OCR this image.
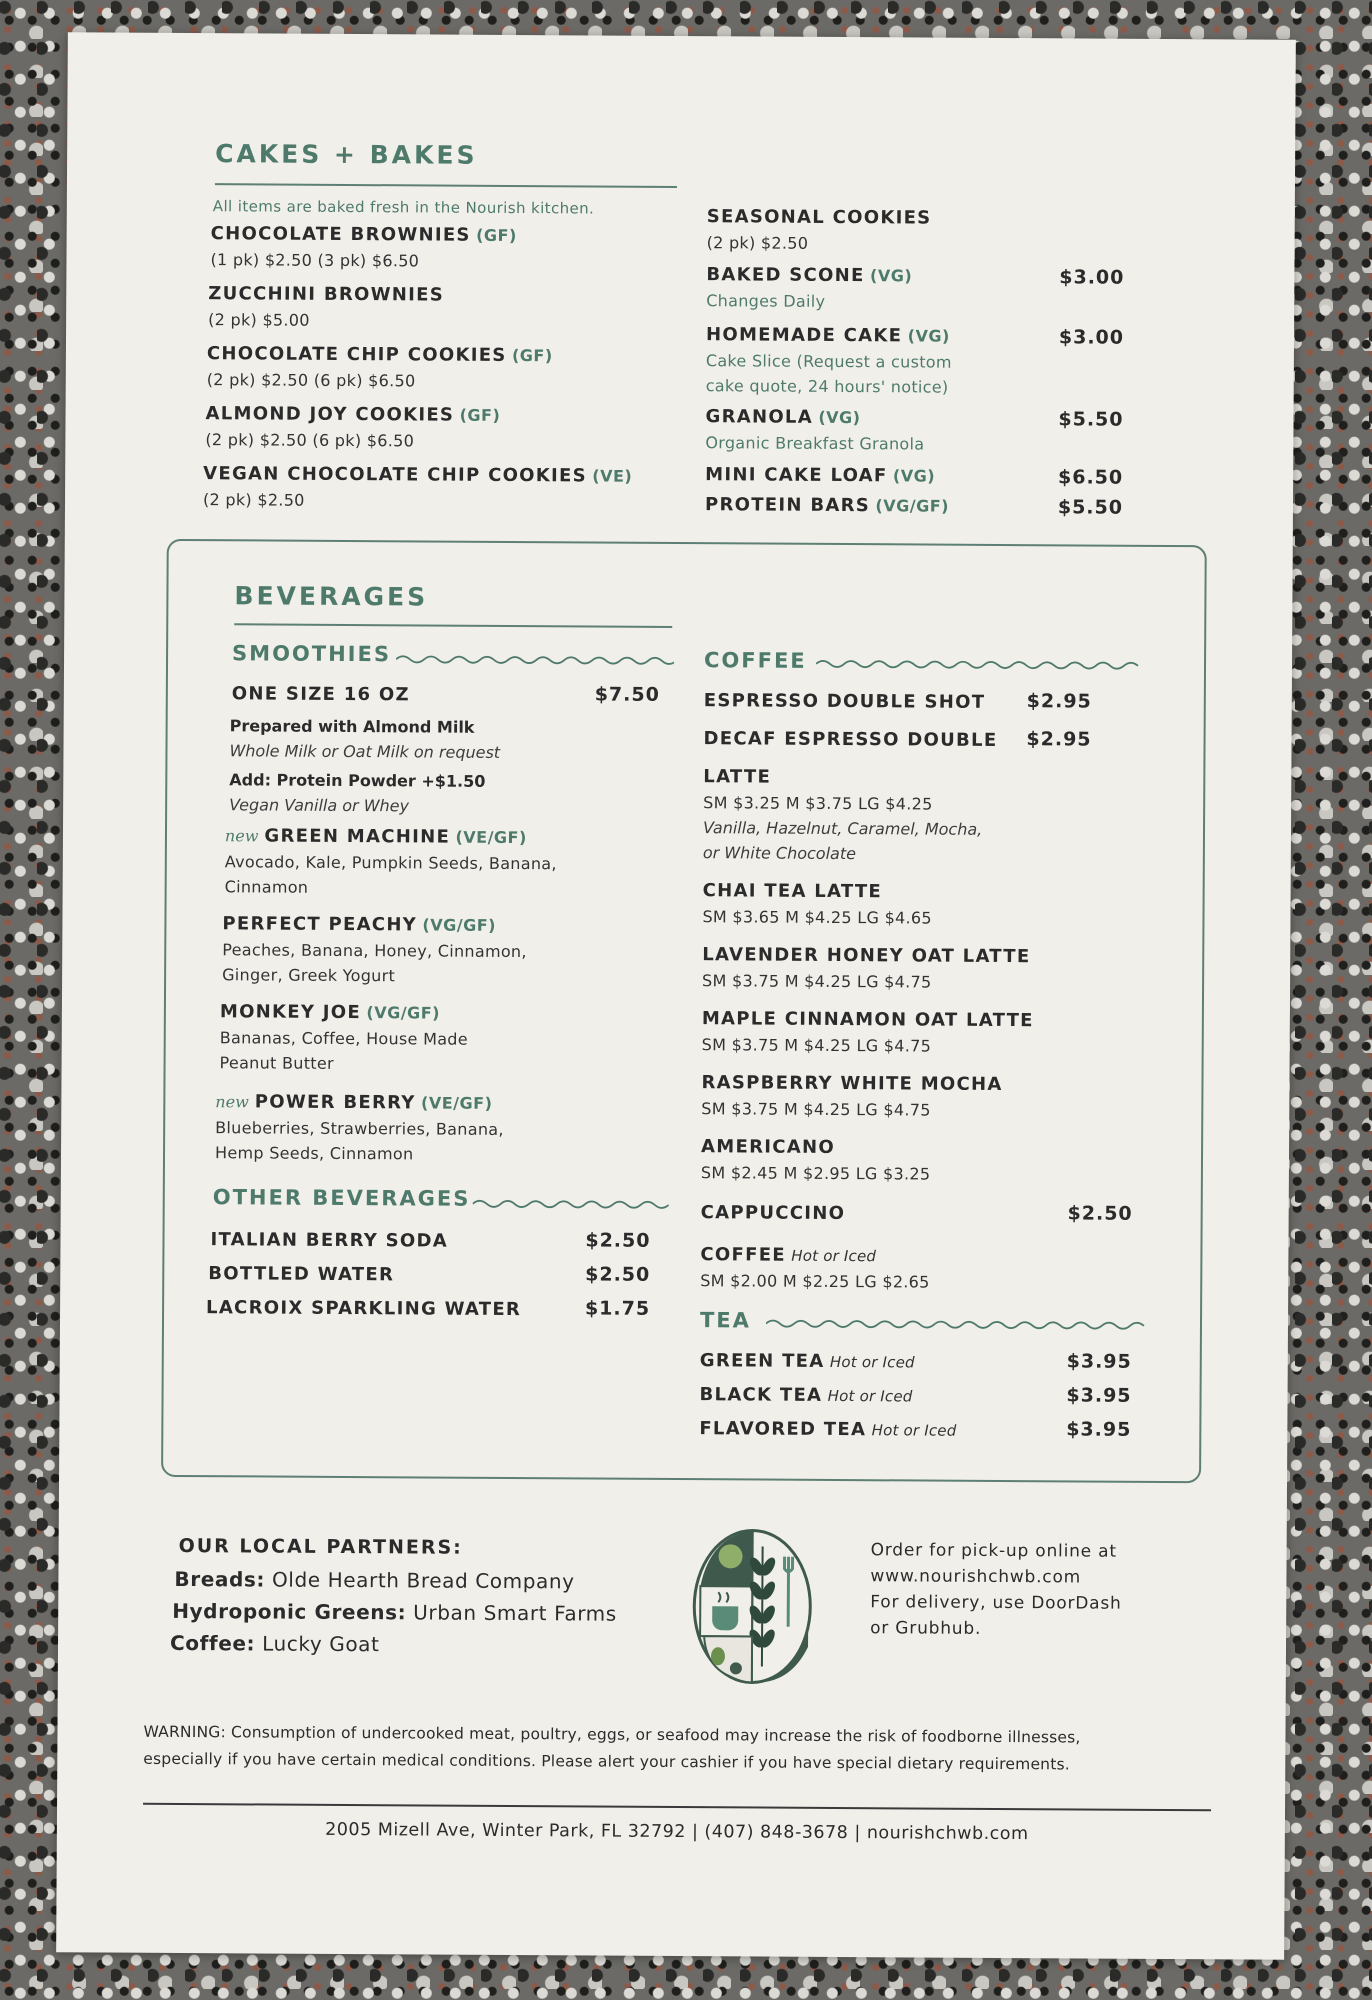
CAKES + BAKES
All items are baked fresh in the Nourish kitchen.
CHOCOLATE BROWNIES (GF)
(1 pk) $2.50 (3 pk) $6.50
ZUCCHINI BROWNIES
(2 pk) $5.00
CHOCOLATE CHIP COOKIES (GF)
(2 pk) $2.50 (6 pk) $6.50
ALMOND JOY COOKIES (GF)
(2 pk) $2.50 (6 pk) $6.50
VEGAN CHOCOLATE CHIP COOKIES (VE)
(2 pk) $2.50
SEASONAL COOKIES
(2 pk) $2.50
BAKED SCONE (VG)
Changes Daily
$3.00
HOMEMADE CAKE (VG)
Cake Slice (Request a custom
cake quote, 24 hours' notice)
$3.00
GRANOLA (VG)
Organic Breakfast Granola
$5.50
MINI CAKE LOAF (VG)	$6.50
PROTEIN BARS (VG/GF)	$5.50
BEVERAGES
SMOOTHIES
ONE SIZE 16 OZ	$7.50
Prepared with Almond Milk
Whole Milk or Oat Milk on request
Add: Protein Powder +$1.50
Vegan Vanilla or Whey
new GREEN MACHINE (VE/GF)
Avocado, Kale, Pumpkin Seeds, Banana,
Cinnamon
PERFECT PEACHY (VG/GF)
Peaches, Banana, Honey, Cinnamon,
Ginger, Greek Yogurt
MONKEY JOE (VG/GF)
Bananas, Coffee, House Made
Peanut Butter
new POWER BERRY (VE/GF)
Blueberries, Strawberries, Banana,
Hemp Seeds, Cinnamon
OTHER BEVERAGES
ITALIAN BERRY SODA	$2.50
BOTTLED WATER	$2.50
LACROIX SPARKLING WATER	$1.75
COFFEE
ESPRESSO DOUBLE SHOT	$2.95
DECAF ESPRESSO DOUBLE	$2.95
LATTE
SM $3.25 M $3.75 LG $4.25
Vanilla, Hazelnut, Caramel, Mocha,
or White Chocolate
CHAI TEA LATTE
SM $3.65 M $4.25 LG $4.65
LAVENDER HONEY OAT LATTE
SM $3.75 M $4.25 LG $4.75
MAPLE CINNAMON OAT LATTE
SM $3.75 M $4.25 LG $4.75
RASPBERRY WHITE MOCHA
SM $3.75 M $4.25 LG $4.75
AMERICANO
SM $2.45 M $2.95 LG $3.25
CAPPUCCINO	$2.50
COFFEE Hot or Iced
SM $2.00 M $2.25 LG $2.65
TEA
GREEN TEA Hot or Iced	$3.95
BLACK TEA Hot or Iced	$3.95
FLAVORED TEA Hot or Iced	$3.95
OUR LOCAL PARTNERS:
Breads: Olde Hearth Bread Company
Hydroponic Greens: Urban Smart Farms
Coffee: Lucky Goat
Order for pick-up online at
www.nourishchwb.com
For delivery, use DoorDash
or Grubhub.
WARNING: Consumption of undercooked meat, poultry, eggs, or seafood may increase the risk of foodborne illnesses,
especially if you have certain medical conditions. Please alert your cashier if you have special dietary requirements.
2005 Mizell Ave, Winter Park, FL 32792 | (407) 848-3678 | nourishchwb.com
